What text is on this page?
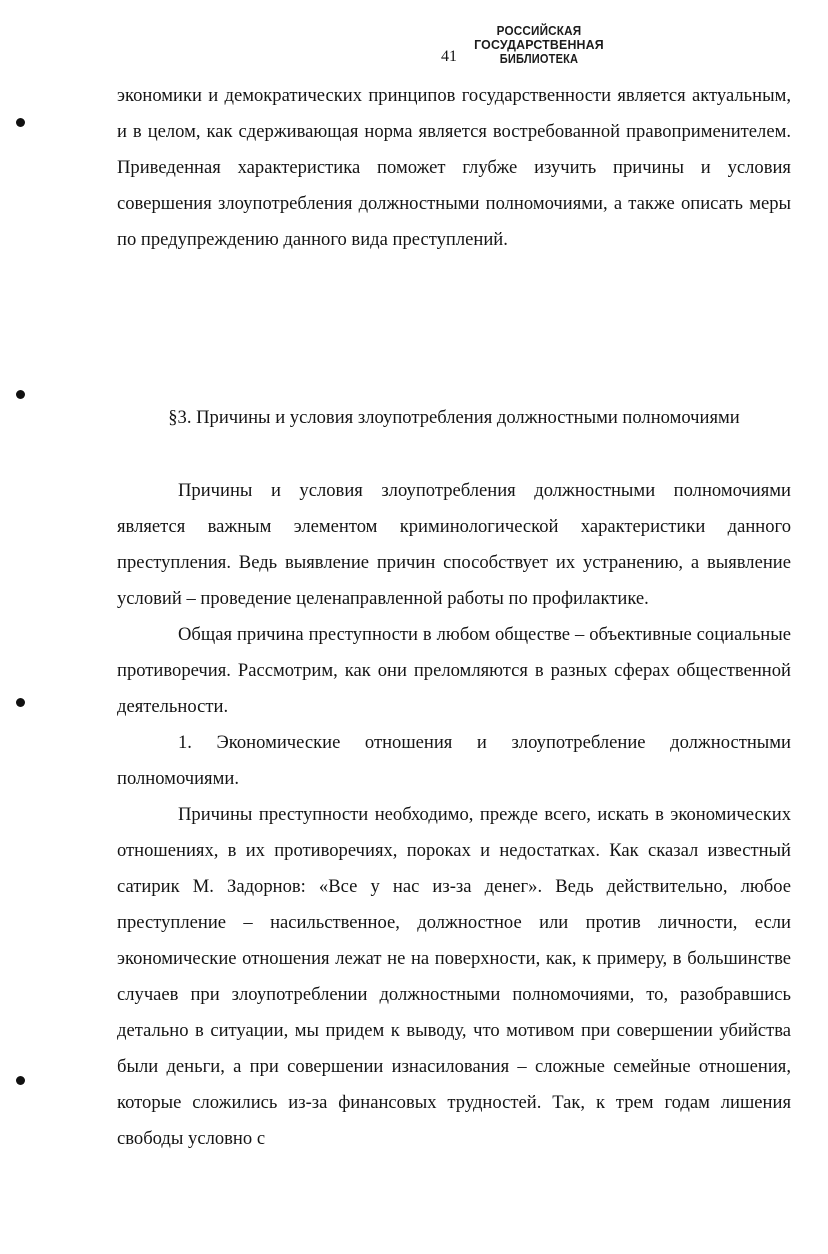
41
РОССИЙСКАЯ
ГОСУДАРСТВЕННАЯ
БИБЛИОТЕКА

экономики и демократических принципов государственности является актуальным, и в целом, как сдерживающая норма является востребованной правоприменителем. Приведенная характеристика поможет глубже изучить причины и условия совершения злоупотребления должностными полномочиями, а также описать меры по предупреждению данного вида преступлений.

§3. Причины и условия злоупотребления должностными полномочиями

Причины и условия злоупотребления должностными полномочиями является важным элементом криминологической характеристики данного преступления. Ведь выявление причин способствует их устранению, а выявление условий – проведение целенаправленной работы по профилактике.

Общая причина преступности в любом обществе – объективные социальные противоречия. Рассмотрим, как они преломляются в разных сферах общественной деятельности.

1. Экономические отношения и злоупотребление должностными полномочиями.

Причины преступности необходимо, прежде всего, искать в экономических отношениях, в их противоречиях, пороках и недостатках. Как сказал известный сатирик М. Задорнов: «Все у нас из-за денег». Ведь действительно, любое преступление – насильственное, должностное или против личности, если экономические отношения лежат не на поверхности, как, к примеру, в большинстве случаев при злоупотреблении должностными полномочиями, то, разобравшись детально в ситуации, мы придем к выводу, что мотивом при совершении убийства были деньги, а при совершении изнасилования – сложные семейные отношения, которые сложились из-за финансовых трудностей. Так, к трем годам лишения свободы условно с
